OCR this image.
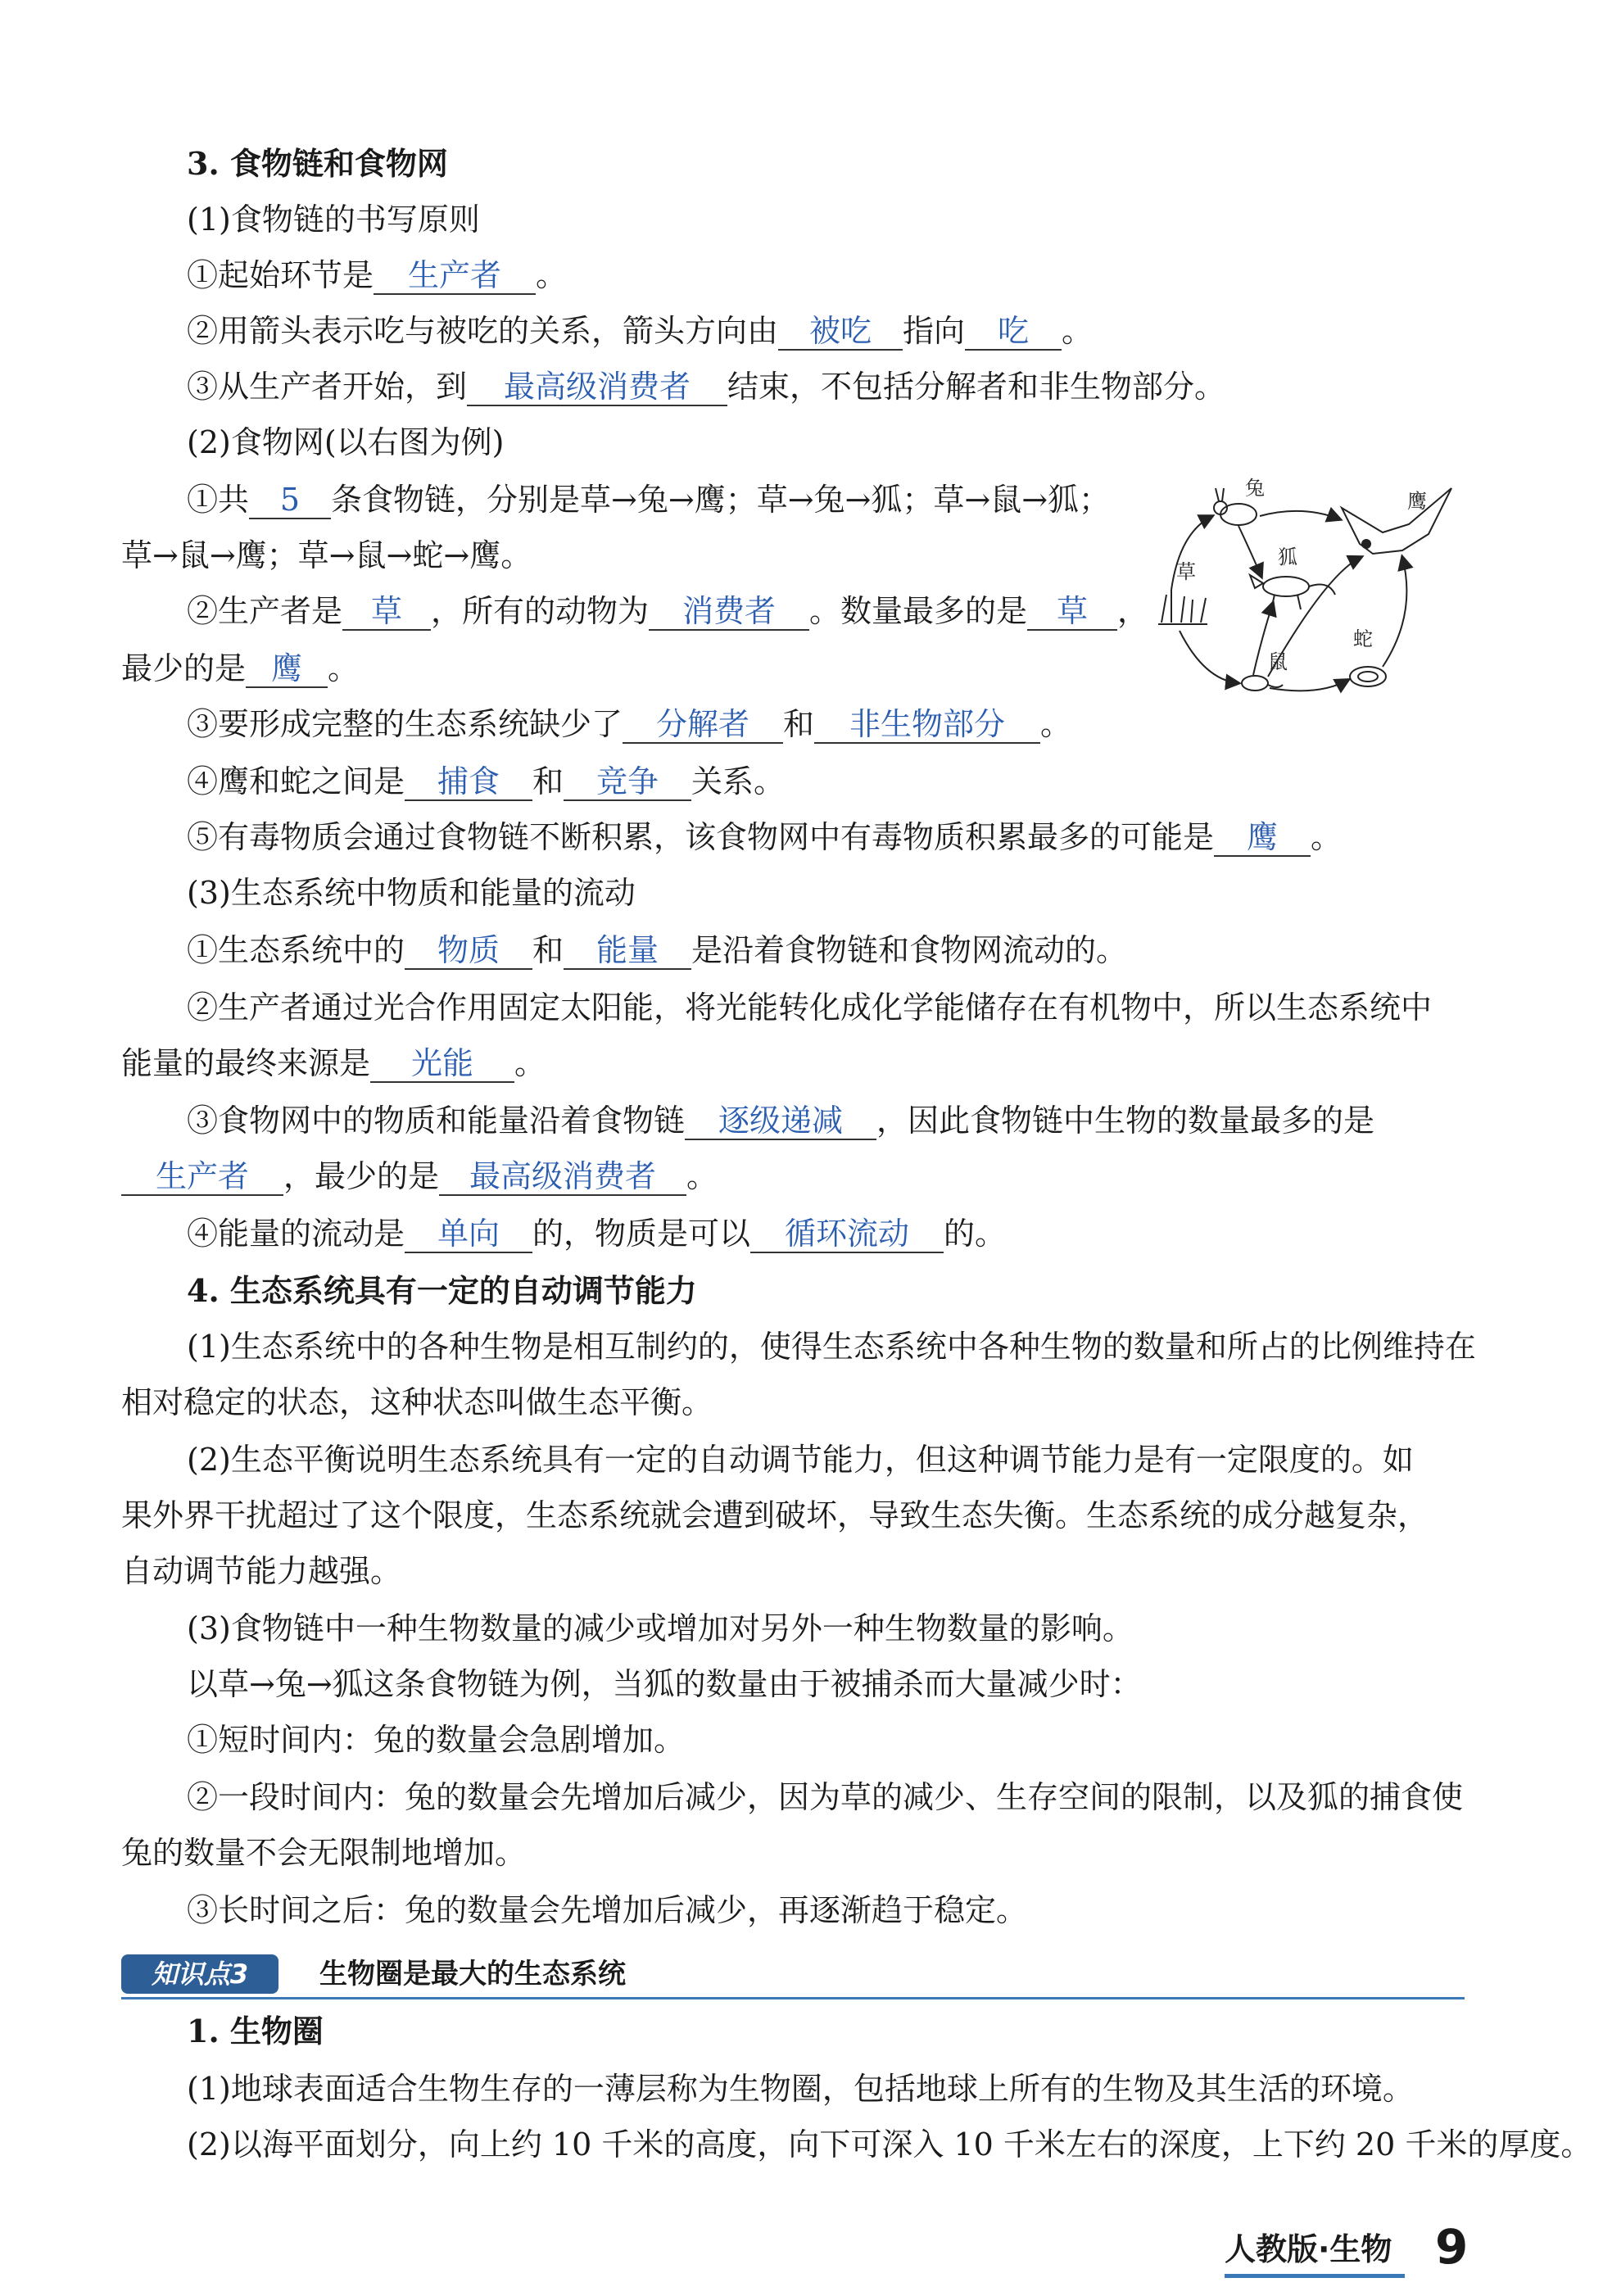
3. 食物链和食物网
(1)食物链的书写原则
①起始环节是 生产者 。
②用箭头表示吃与被吃的关系，箭头方向由 被吃 指向 吃 。
③从生产者开始，到 最高级消费者 结束，不包括分解者和非生物部分。
(2)食物网(以右图为例)
①共 5 条食物链，分别是草→兔→鹰；草→兔→狐；草→鼠→狐；
草→鼠→鹰；草→鼠→蛇→鹰。
②生产者是 草 ，所有的动物为 消费者 。数量最多的是 草 ，
最少的是 鹰 。
③要形成完整的生态系统缺少了 分解者 和 非生物部分 。
④鹰和蛇之间是 捕食 和 竞争 关系。
⑤有毒物质会通过食物链不断积累，该食物网中有毒物质积累最多的可能是 鹰 。
(3)生态系统中物质和能量的流动
①生态系统中的 物质 和 能量 是沿着食物链和食物网流动的。
②生产者通过光合作用固定太阳能，将光能转化成化学能储存在有机物中，所以生态系统中
能量的最终来源是 光能 。
③食物网中的物质和能量沿着食物链 逐级递减 ，因此食物链中生物的数量最多的是
生产者 ，最少的是 最高级消费者 。
④能量的流动是 单向 的，物质是可以 循环流动 的。
4. 生态系统具有一定的自动调节能力
(1)生态系统中的各种生物是相互制约的，使得生态系统中各种生物的数量和所占的比例维持在
相对稳定的状态，这种状态叫做生态平衡。
(2)生态平衡说明生态系统具有一定的自动调节能力，但这种调节能力是有一定限度的。如
果外界干扰超过了这个限度，生态系统就会遭到破坏，导致生态失衡。生态系统的成分越复杂，
自动调节能力越强。
(3)食物链中一种生物数量的减少或增加对另外一种生物数量的影响。
以草→兔→狐这条食物链为例，当狐的数量由于被捕杀而大量减少时：
①短时间内：兔的数量会急剧增加。
②一段时间内：兔的数量会先增加后减少，因为草的减少、生存空间的限制，以及狐的捕食使
兔的数量不会无限制地增加。
③长时间之后：兔的数量会先增加后减少，再逐渐趋于稳定。
知识点3	生物圈是最大的生态系统
1. 生物圈
(1)地球表面适合生物生存的一薄层称为生物圈，包括地球上所有的生物及其生活的环境。
(2)以海平面划分，向上约 10 千米的高度，向下可深入 10 千米左右的深度，上下约 20 千米的厚度。
兔
鹰
草
狐
鼠
蛇
人教版·生物 9
